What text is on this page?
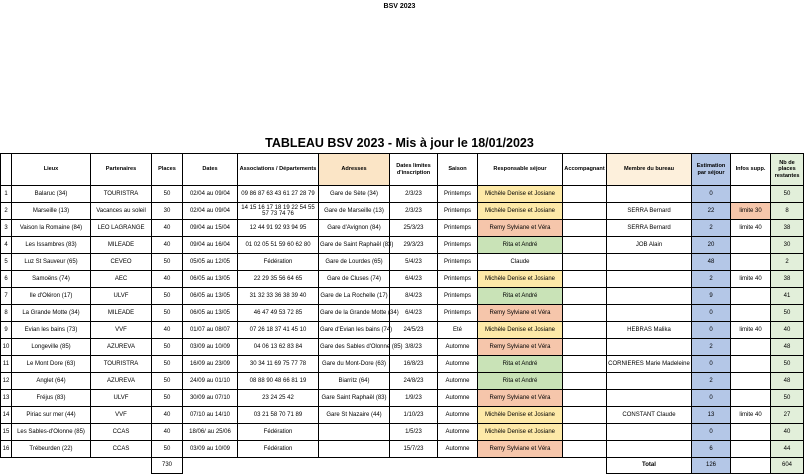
BSV 2023
TABLEAU BSV 2023 - Mis à jour le 18/01/2023
	Lieux	Partenaires	Places	Dates	Associations / Départements	Adresses	Dates limites d'inscription	Saison	Responsable séjour	Accompagnant	Membre du bureau	Estimation par séjour	Infos supp.	Nb de places restantes
1	Balaruc (34)	TOURISTRA	50	02/04 au 09/04	09 86 87 63 43 61 27 28 79	Gare de Sète (34)	2/3/23	Printemps	Michèle Denise et Josiane			0		50
2	Marseille (13)	Vacances au soleil	30	02/04 au 09/04	14 15 16 17 18 19 22 54 55 57 73 74 76	Gare de Marseille (13)	2/3/23	Printemps	Michèle Denise et Josiane		SERRA Bernard	22	limite 30	8
3	Vaison la Romaine (84)	LEO LAGRANGE	40	09/04 au 15/04	12 44 91 92 93 94 95	Gare d'Avignon (84)	25/3/23	Printemps	Remy Sylviane et Véra		SERRA Bernard	2	limite 40	38
4	Les Issambres (83)	MILEADE	40	09/04 au 16/04	01 02 05 51 59 60 62 80	Gare de Saint Raphaël (83)	29/3/23	Printemps	Rita et André		JOB Alain	20		30
5	Luz St Sauveur (65)	CEVEO	50	05/05 au 12/05	Fédération	Gare de Lourdes (65)	5/4/23	Printemps	Claude			48		2
6	Samoëns (74)	AEC	40	06/05 au 13/05	22 29 35 56 64 65	Gare de Cluses (74)	6/4/23	Printemps	Michèle Denise et Josiane			2	limite 40	38
7	Ile d'Oléron (17)	ULVF	50	06/05 au 13/05	31 32 33 36 38 39 40	Gare de La Rochelle (17)	8/4/23	Printemps	Rita et André			9		41
8	La Grande Motte (34)	MILEADE	50	06/05 au 13/05	46 47 49 53 72 85	Gare de la Grande Motte (34)	6/4/23	Printemps	Remy Sylviane et Véra			0		50
9	Evian les bains (73)	VVF	40	01/07 au 08/07	07 26 18 37 41 45 10	Gare d'Evian les bains (74)	24/5/23	Eté	Michèle Denise et Josiane		HEBRAS Malika	0	limite 40	40
10	Longeville (85)	AZUREVA	50	03/09 au 10/09	04 06 13 62 83 84	Gare des Sables d'Olonne (85)	3/8/23	Automne	Remy Sylviane et Véra			2		48
11	Le Mont Dore (63)	TOURISTRA	50	16/09 au 23/09	30 34 11 69 75 77 78	Gare du Mont-Dore (63)	16/8/23	Automne	Rita et André		CORNIERES Marie Madeleine	0		50
12	Anglet (64)	AZUREVA	50	24/09 au 01/10	08 88 90 48 66 81 19	Biarritz (64)	24/8/23	Automne	Rita et André			2		48
13	Fréjus (83)	ULVF	50	30/09 au 07/10	23 24 25 42	Gare Saint Raphaël (83)	1/9/23	Automne	Remy Sylviane et Véra			0		50
14	Piriac sur mer (44)	VVF	40	07/10 au 14/10	03 21 58 70 71 89	Gare St Nazaire (44)	1/10/23	Automne	Michèle Denise et Josiane		CONSTANT Claude	13	limite 40	27
15	Les Sables-d'Olonne (85)	CCAS	40	18/06/ au 25/06	Fédération		1/5/23	Automne	Michèle Denise et Josiane			0		40
16	Trébeurden (22)	CCAS	50	03/09 au 10/09	Fédération		15/7/23	Automne	Remy Sylviane et Véra			6		44
			730								Total	126		604
